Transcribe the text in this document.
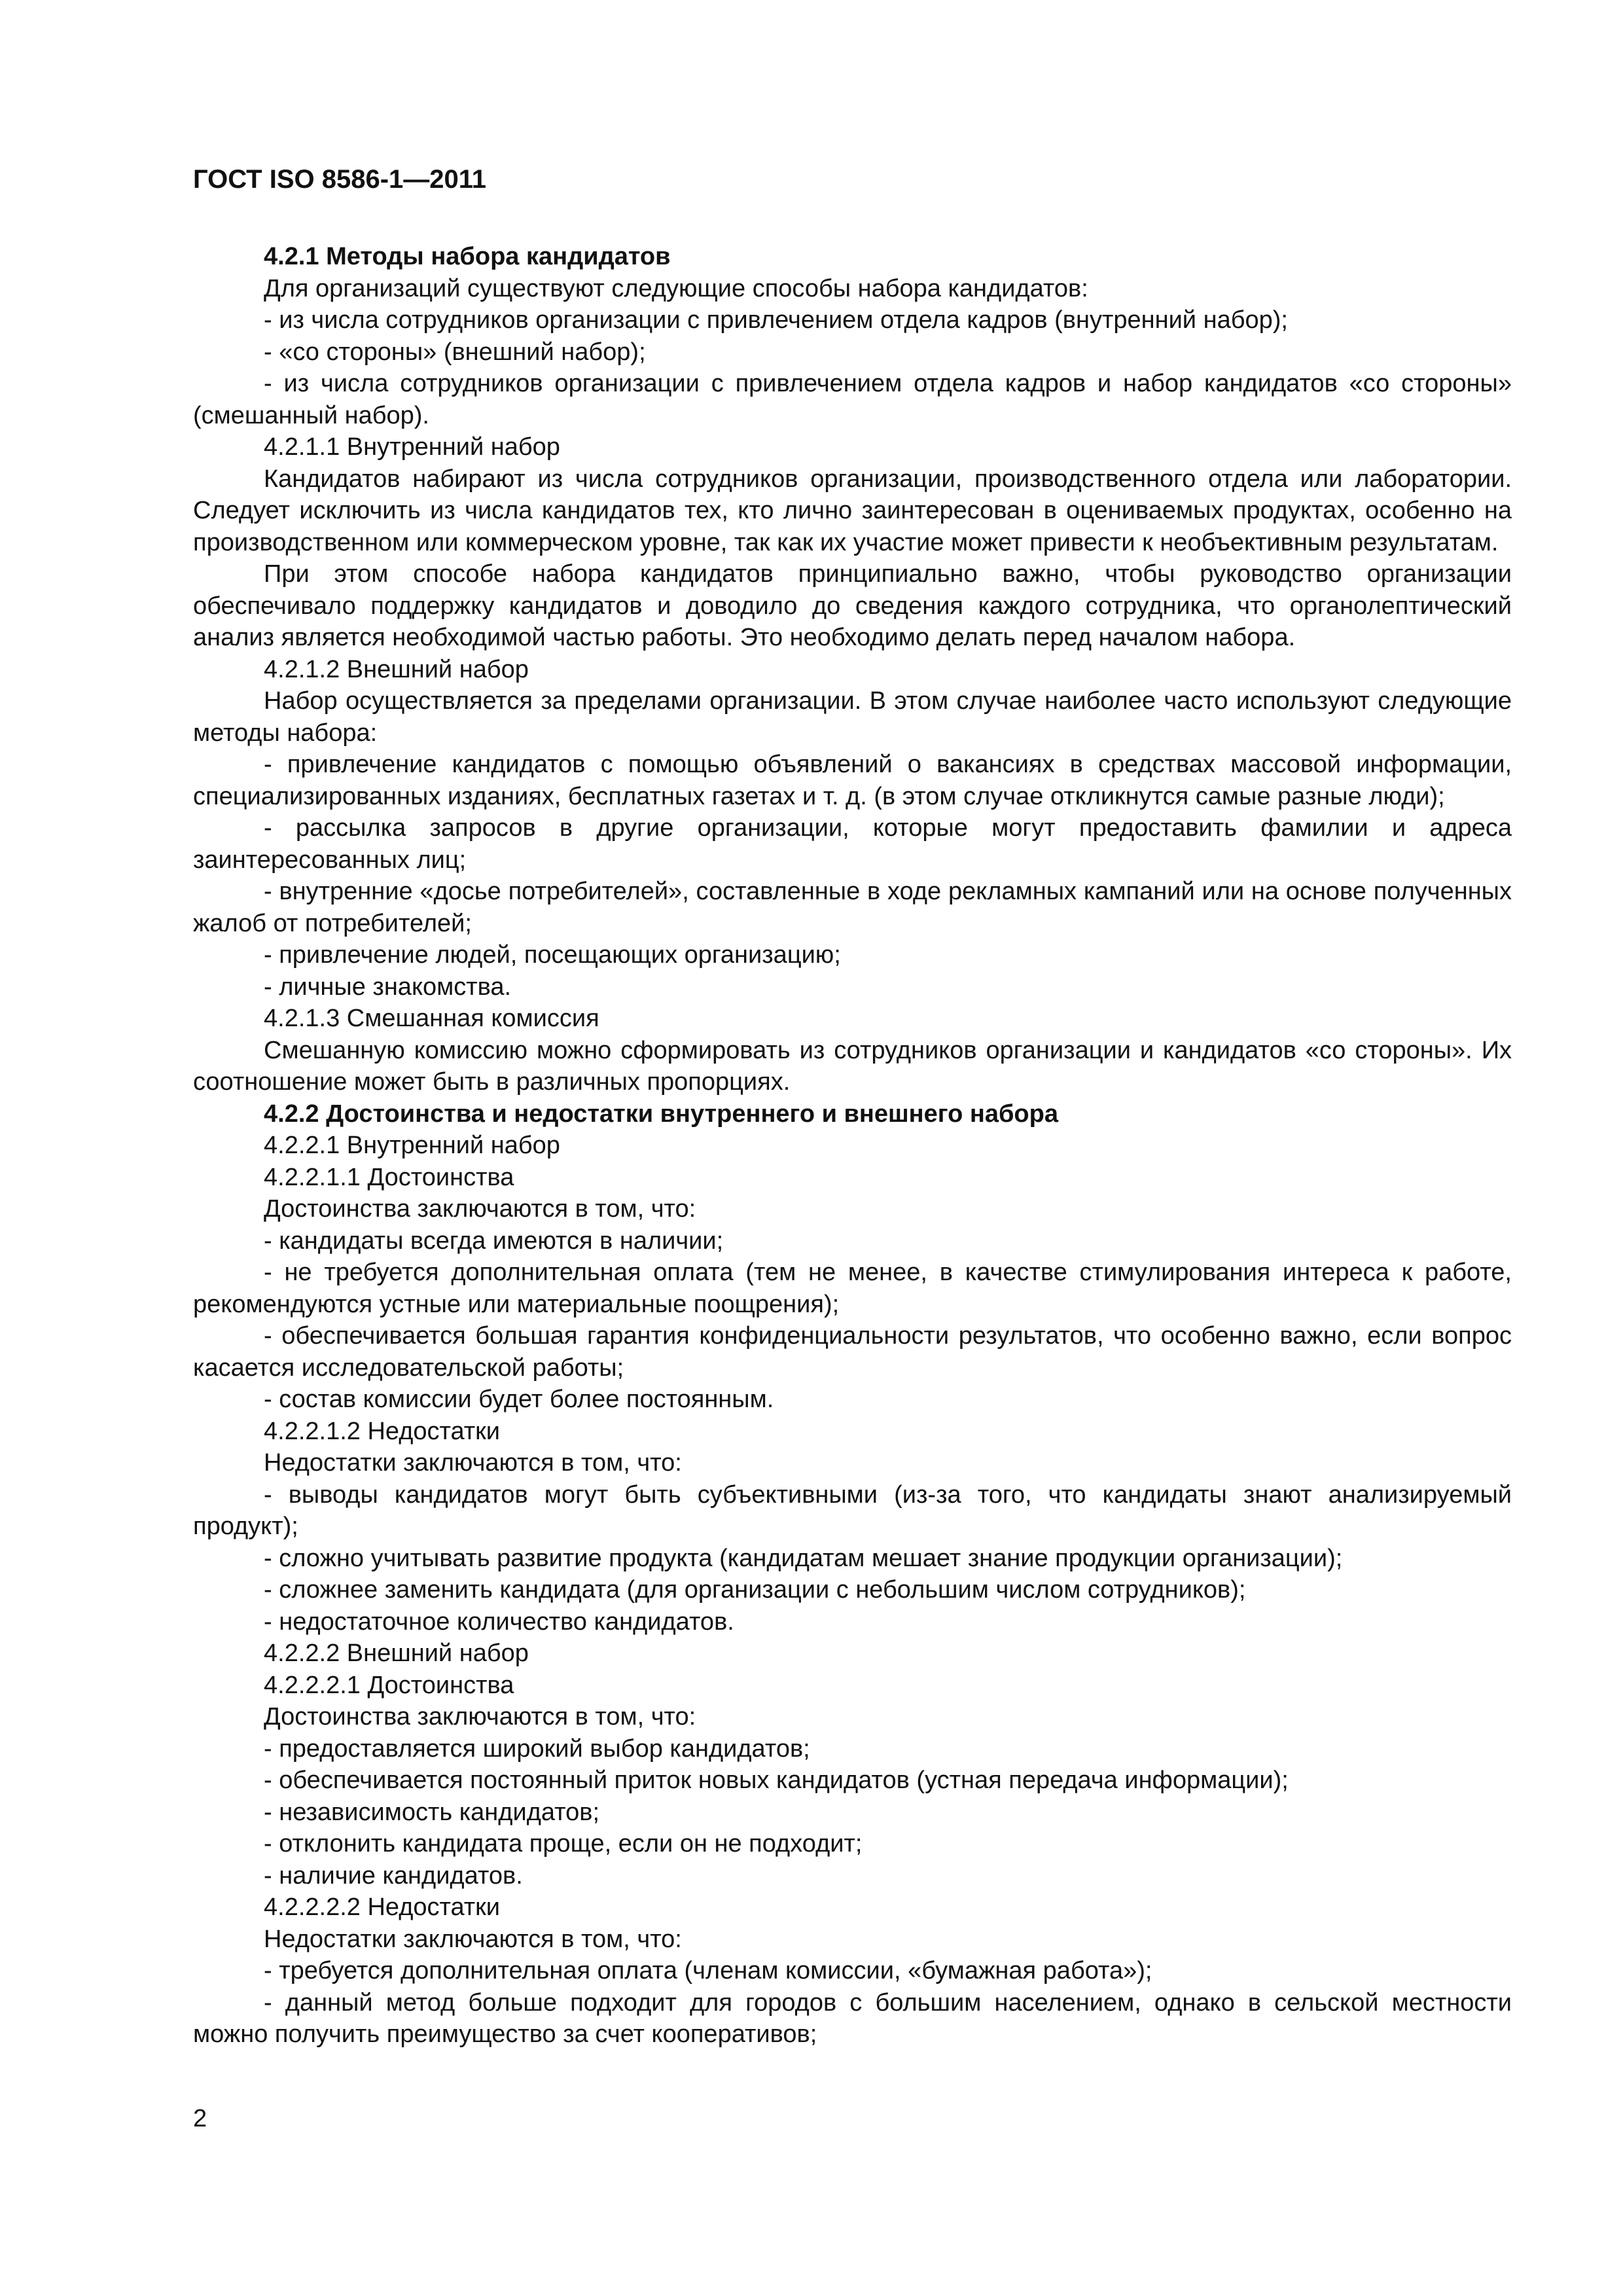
ГОСТ ISO 8586-1—2011

4.2.1 Методы набора кандидатов

Для организаций существуют следующие способы набора кандидатов:

- из числа сотрудников организации с привлечением отдела кадров (внутренний набор);

- «со стороны» (внешний набор);

- из числа сотрудников организации с привлечением отдела кадров и набор кандидатов «со стороны» (смешанный набор).

4.2.1.1 Внутренний набор

Кандидатов набирают из числа сотрудников организации, производственного отдела или лаборатории. Следует исключить из числа кандидатов тех, кто лично заинтересован в оцениваемых продуктах, особенно на производственном или коммерческом уровне, так как их участие может привести к необъективным результатам.

При этом способе набора кандидатов принципиально важно, чтобы руководство организации обеспечивало поддержку кандидатов и доводило до сведения каждого сотрудника, что органолептический анализ является необходимой частью работы. Это необходимо делать перед началом набора.

4.2.1.2 Внешний набор

Набор осуществляется за пределами организации. В этом случае наиболее часто используют следующие методы набора:

- привлечение кандидатов с помощью объявлений о вакансиях в средствах массовой информации, специализированных изданиях, бесплатных газетах и т. д. (в этом случае откликнутся самые разные люди);

- рассылка запросов в другие организации, которые могут предоставить фамилии и адреса заинтересованных лиц;

- внутренние «досье потребителей», составленные в ходе рекламных кампаний или на основе полученных жалоб от потребителей;

- привлечение людей, посещающих организацию;

- личные знакомства.

4.2.1.3 Смешанная комиссия

Смешанную комиссию можно сформировать из сотрудников организации и кандидатов «со стороны». Их соотношение может быть в различных пропорциях.

4.2.2 Достоинства и недостатки внутреннего и внешнего набора

4.2.2.1 Внутренний набор

4.2.2.1.1 Достоинства

Достоинства заключаются в том, что:

- кандидаты всегда имеются в наличии;

- не требуется дополнительная оплата (тем не менее, в качестве стимулирования интереса к работе, рекомендуются устные или материальные поощрения);

- обеспечивается большая гарантия конфиденциальности результатов, что особенно важно, если вопрос касается исследовательской работы;

- состав комиссии будет более постоянным.

4.2.2.1.2 Недостатки

Недостатки заключаются в том, что:

- выводы кандидатов могут быть субъективными (из-за того, что кандидаты знают анализируемый продукт);

- сложно учитывать развитие продукта (кандидатам мешает знание продукции организации);

- сложнее заменить кандидата (для организации с небольшим числом сотрудников);

- недостаточное количество кандидатов.

4.2.2.2 Внешний набор

4.2.2.2.1 Достоинства

Достоинства заключаются в том, что:

- предоставляется широкий выбор кандидатов;

- обеспечивается постоянный приток новых кандидатов (устная передача информации);

- независимость кандидатов;

- отклонить кандидата проще, если он не подходит;

- наличие кандидатов.

4.2.2.2.2 Недостатки

Недостатки заключаются в том, что:

- требуется дополнительная оплата (членам комиссии, «бумажная работа»);

- данный метод больше подходит для городов с большим населением, однако в сельской местности можно получить преимущество за счет кооперативов;

2
